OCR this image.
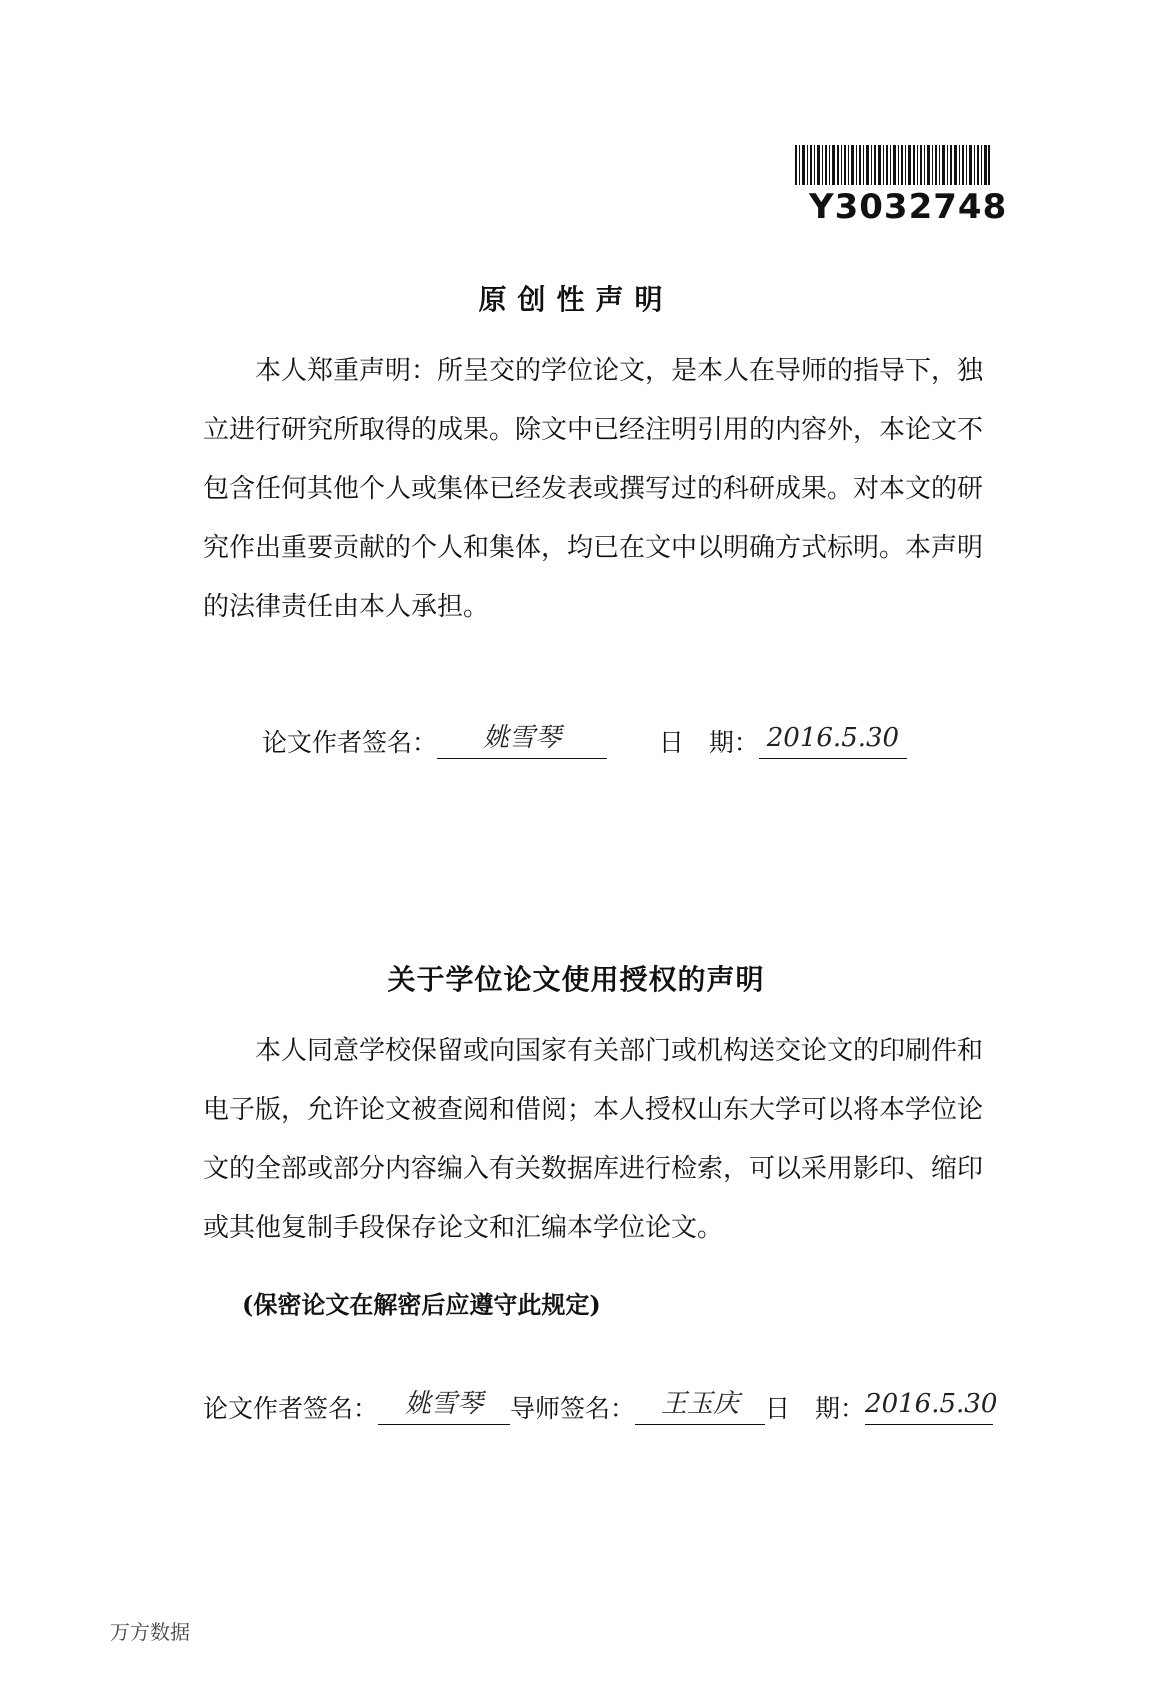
Y3032748
原创性声明

本人郑重声明：所呈交的学位论文，是本人在导师的指导下，独立进行研究所取得的成果。除文中已经注明引用的内容外，本论文不包含任何其他个人或集体已经发表或撰写过的科研成果。对本文的研究作出重要贡献的个人和集体，均已在文中以明确方式标明。本声明的法律责任由本人承担。

论文作者签名： 姚雪琴	日　期： 2016.5.30
关于学位论文使用授权的声明

本人同意学校保留或向国家有关部门或机构送交论文的印刷件和电子版，允许论文被查阅和借阅；本人授权山东大学可以将本学位论文的全部或部分内容编入有关数据库进行检索，可以采用影印、缩印或其他复制手段保存论文和汇编本学位论文。

(保密论文在解密后应遵守此规定)
论文作者签名： 姚雪琴 导师签名： 王玉庆 日　期：2016.5.30
万方数据
